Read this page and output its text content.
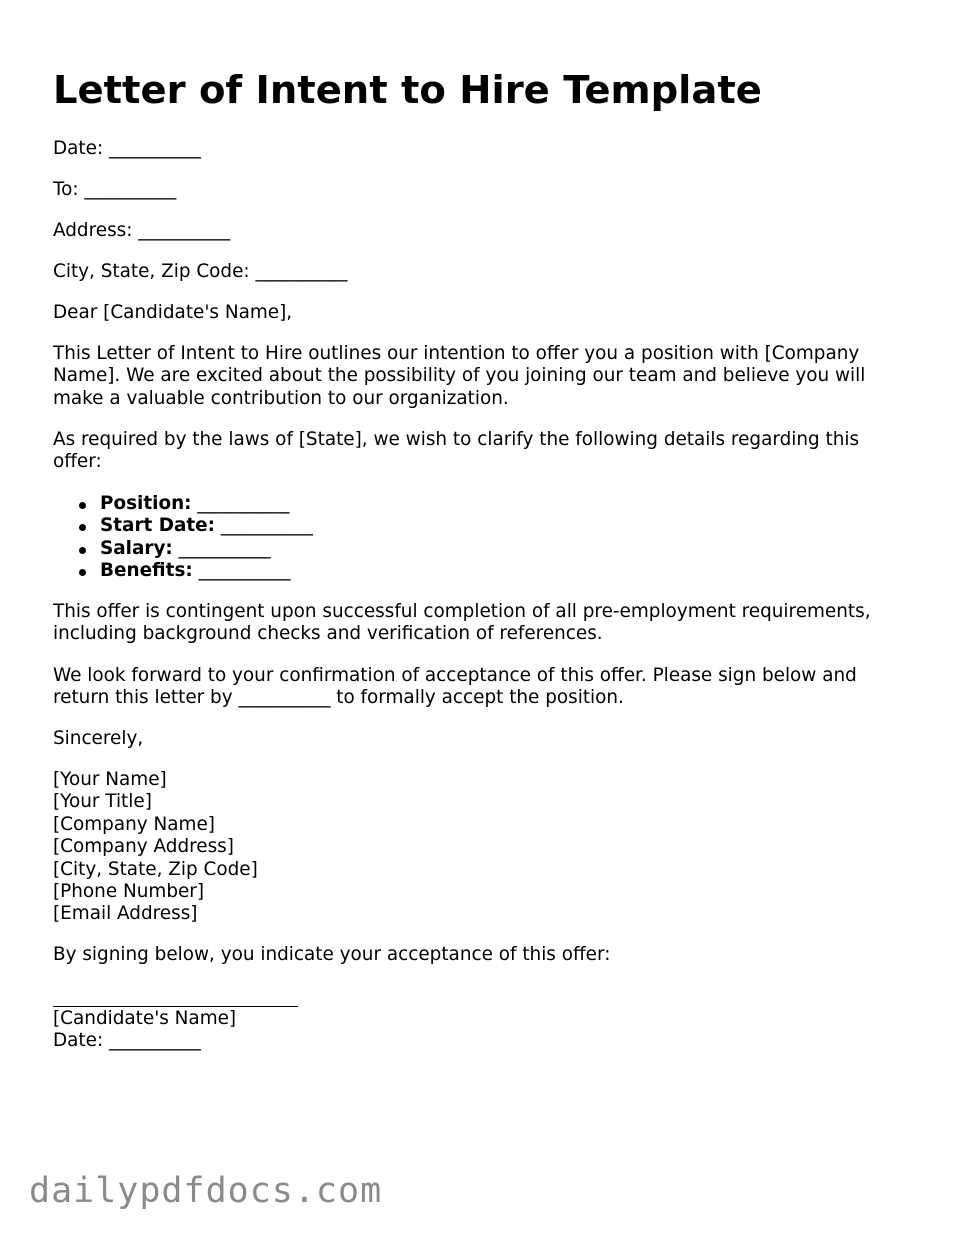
Letter of Intent to Hire Template

Date: __________

To: __________

Address: __________

City, State, Zip Code: __________

Dear [Candidate's Name],

This Letter of Intent to Hire outlines our intention to offer you a position with [Company Name]. We are excited about the possibility of you joining our team and believe you will make a valuable contribution to our organization.

As required by the laws of [State], we wish to clarify the following details regarding this offer:

Position: __________
Start Date: __________
Salary: __________
Benefits: __________

This offer is contingent upon successful completion of all pre-employment requirements, including background checks and verification of references.

We look forward to your confirmation of acceptance of this offer. Please sign below and return this letter by __________ to formally accept the position.

Sincerely,

[Your Name]
[Your Title]
[Company Name]
[Company Address]
[City, State, Zip Code]
[Phone Number]
[Email Address]

By signing below, you indicate your acceptance of this offer:

[Candidate's Name]

Date: __________

dailypdfdocs.com
